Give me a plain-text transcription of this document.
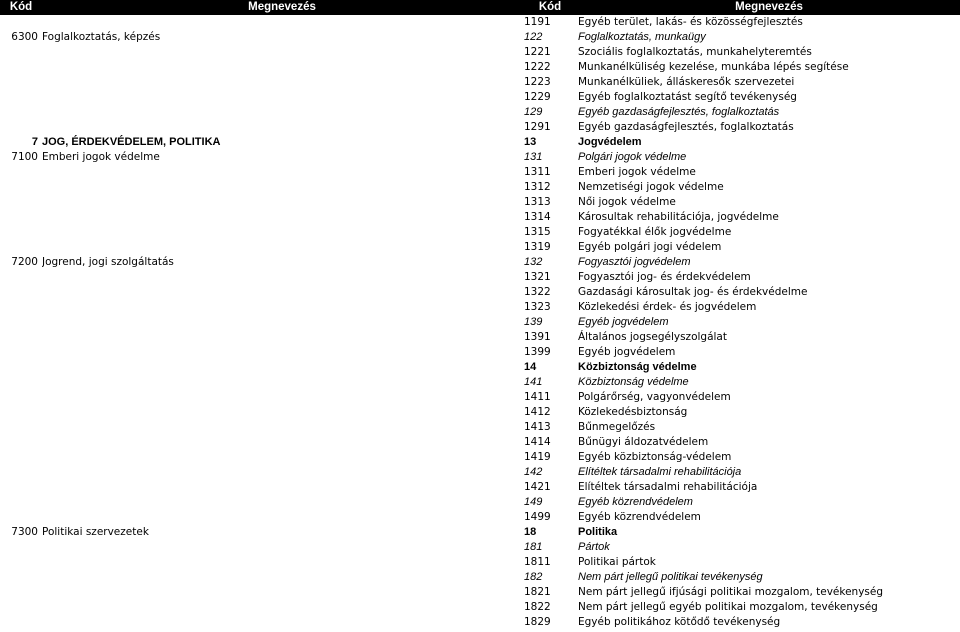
Kód	Megnevezés	Kód	Megnevezés
		1191	Egyéb terület, lakás- és közösségfejlesztés
6300	Foglalkoztatás, képzés	122	Foglalkoztatás, munkaügy
		1221	Szociális foglalkoztatás, munkahelyteremtés
		1222	Munkanélküliség kezelése, munkába lépés segítése
		1223	Munkanélküliek, álláskeresők szervezetei
		1229	Egyéb foglalkoztatást segítő tevékenység
		129	Egyéb gazdaságfejlesztés, foglalkoztatás
		1291	Egyéb gazdaságfejlesztés, foglalkoztatás
7	JOG, ÉRDEKVÉDELEM, POLITIKA	13	Jogvédelem
7100	Emberi jogok védelme	131	Polgári jogok védelme
		1311	Emberi jogok védelme
		1312	Nemzetiségi jogok védelme
		1313	Női jogok védelme
		1314	Károsultak rehabilitációja, jogvédelme
		1315	Fogyatékkal élők jogvédelme
		1319	Egyéb polgári jogi védelem
7200	Jogrend, jogi szolgáltatás	132	Fogyasztói jogvédelem
		1321	Fogyasztói jog- és érdekvédelem
		1322	Gazdasági károsultak jog- és érdekvédelme
		1323	Közlekedési érdek- és jogvédelem
		139	Egyéb jogvédelem
		1391	Általános jogsegélyszolgálat
		1399	Egyéb jogvédelem
		14	Közbiztonság védelme
		141	Közbiztonság védelme
		1411	Polgárőrség, vagyonvédelem
		1412	Közlekedésbiztonság
		1413	Bűnmegelőzés
		1414	Bűnügyi áldozatvédelem
		1419	Egyéb közbiztonság-védelem
		142	Elítéltek társadalmi rehabilitációja
		1421	Elítéltek társadalmi rehabilitációja
		149	Egyéb közrendvédelem
		1499	Egyéb közrendvédelem
7300	Politikai szervezetek	18	Politika
		181	Pártok
		1811	Politikai pártok
		182	Nem párt jellegű politikai tevékenység
		1821	Nem párt jellegű ifjúsági politikai mozgalom, tevékenység
		1822	Nem párt jellegű egyéb politikai mozgalom, tevékenység
		1829	Egyéb politikához kötődő tevékenység
